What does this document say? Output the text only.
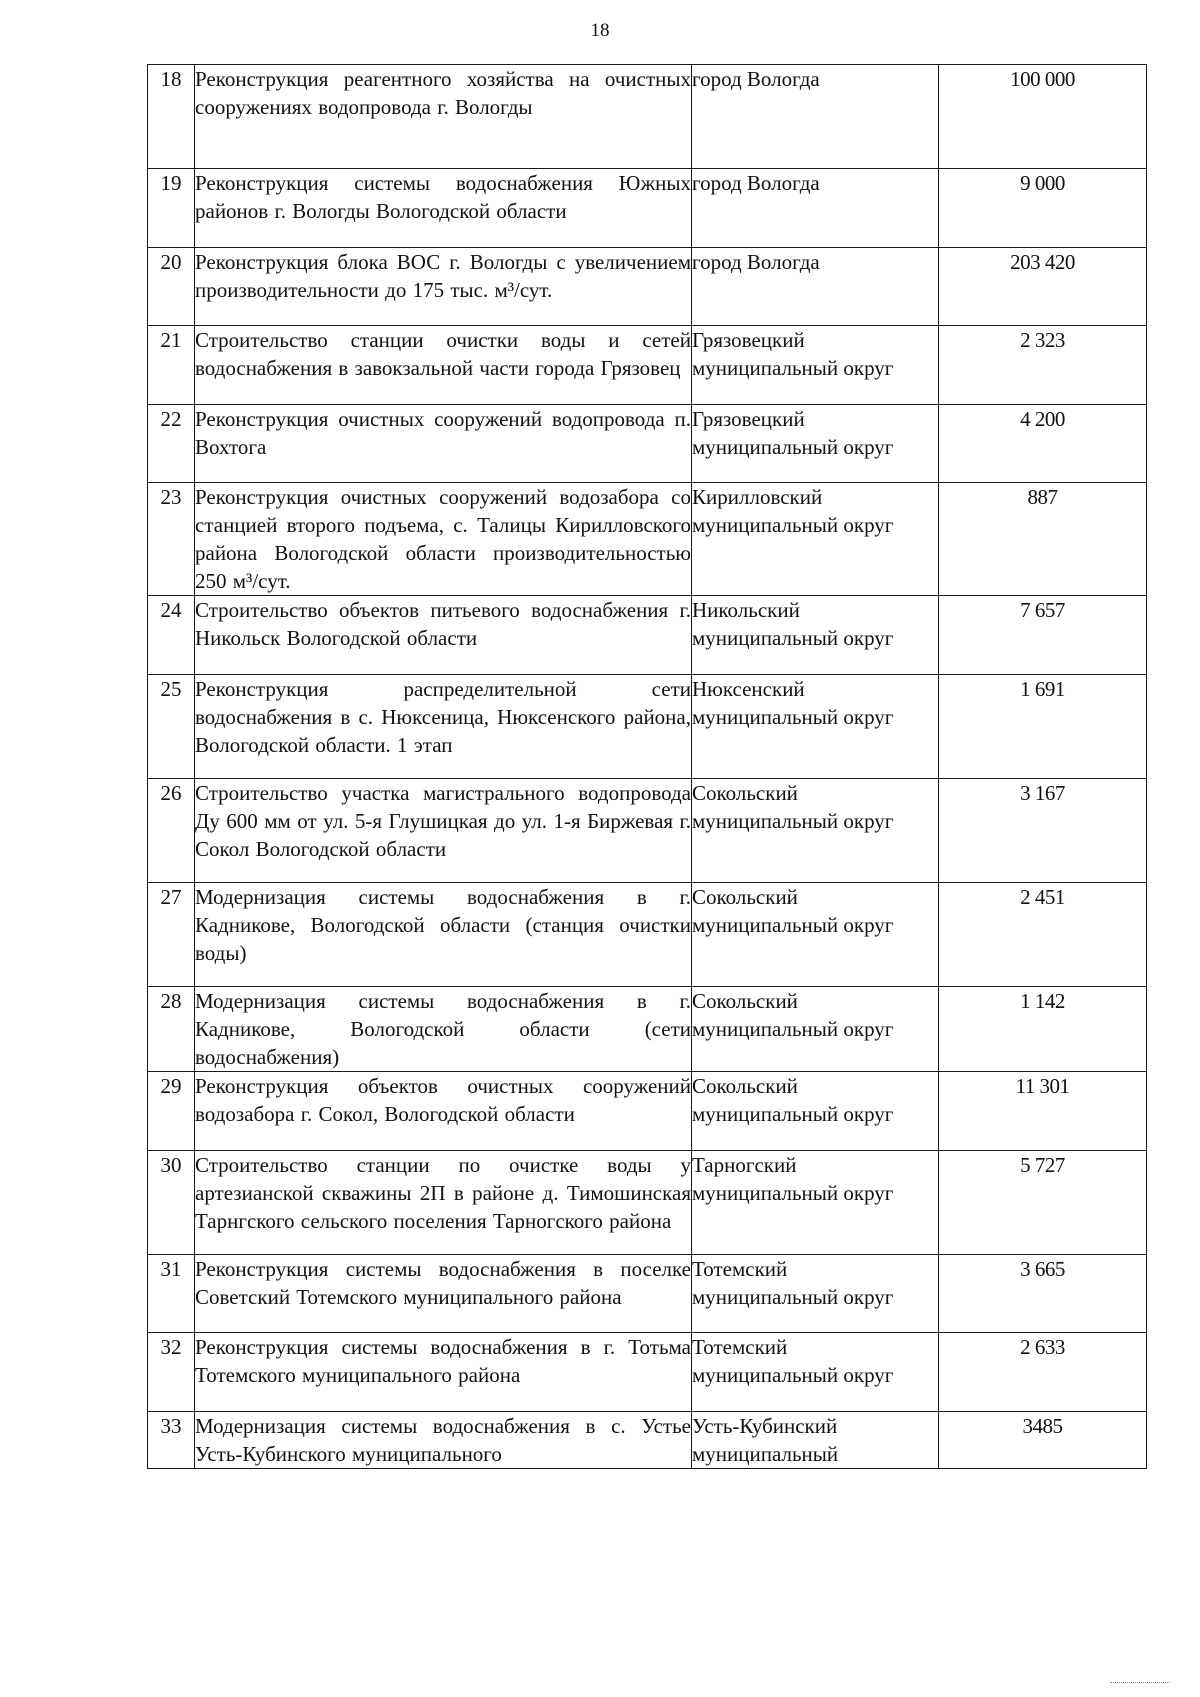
18
18	Реконструкция реагентного хозяйства на очистных сооружениях водопровода г. Вологды	город Вологда	100 000
19	Реконструкция системы водоснабжения Южных районов г. Вологды Вологодской области	город Вологда	9 000
20	Реконструкция блока ВОС г. Вологды с увеличением производительности до 175 тыс. м³/сут.	город Вологда	203 420
21	Строительство станции очистки воды и сетей водоснабжения в завокзальной части города Грязовец	Грязовецкий муниципальный округ	2 323
22	Реконструкция очистных сооружений водопровода п. Вохтога	Грязовецкий муниципальный округ	4 200
23	Реконструкция очистных сооружений водозабора со станцией второго подъема, с. Талицы Кирилловского района Вологодской области производительностью 250 м³/сут.	Кирилловский муниципальный округ	887
24	Строительство объектов питьевого водоснабжения г. Никольск Вологодской области	Никольский муниципальный округ	7 657
25	Реконструкция распределительной сети водоснабжения в с. Нюксеница, Нюксенского района, Вологодской области. 1 этап	Нюксенский муниципальный округ	1 691
26	Строительство участка магистрального водопровода Ду 600 мм от ул. 5-я Глушицкая до ул. 1-я Биржевая г. Сокол Вологодской области	Сокольский муниципальный округ	3 167
27	Модернизация системы водоснабжения в г. Кадникове, Вологодской области (станция очистки воды)	Сокольский муниципальный округ	2 451
28	Модернизация системы водоснабжения в г. Кадникове, Вологодской области (сети водоснабжения)	Сокольский муниципальный округ	1 142
29	Реконструкция объектов очистных сооружений водозабора г. Сокол, Вологодской области	Сокольский муниципальный округ	11 301
30	Строительство станции по очистке воды у артезианской скважины 2П в районе д. Тимошинская Тарнгского сельского поселения Тарногского района	Тарногский муниципальный округ	5 727
31	Реконструкция системы водоснабжения в поселке Советский Тотемского муниципального района	Тотемский муниципальный округ	3 665
32	Реконструкция системы водоснабжения в г. Тотьма Тотемского муниципального района	Тотемский муниципальный округ	2 633
33	Модернизация системы водоснабжения в с. Устье Усть-Кубинского муниципального	Усть-Кубинский муниципальный	3485
